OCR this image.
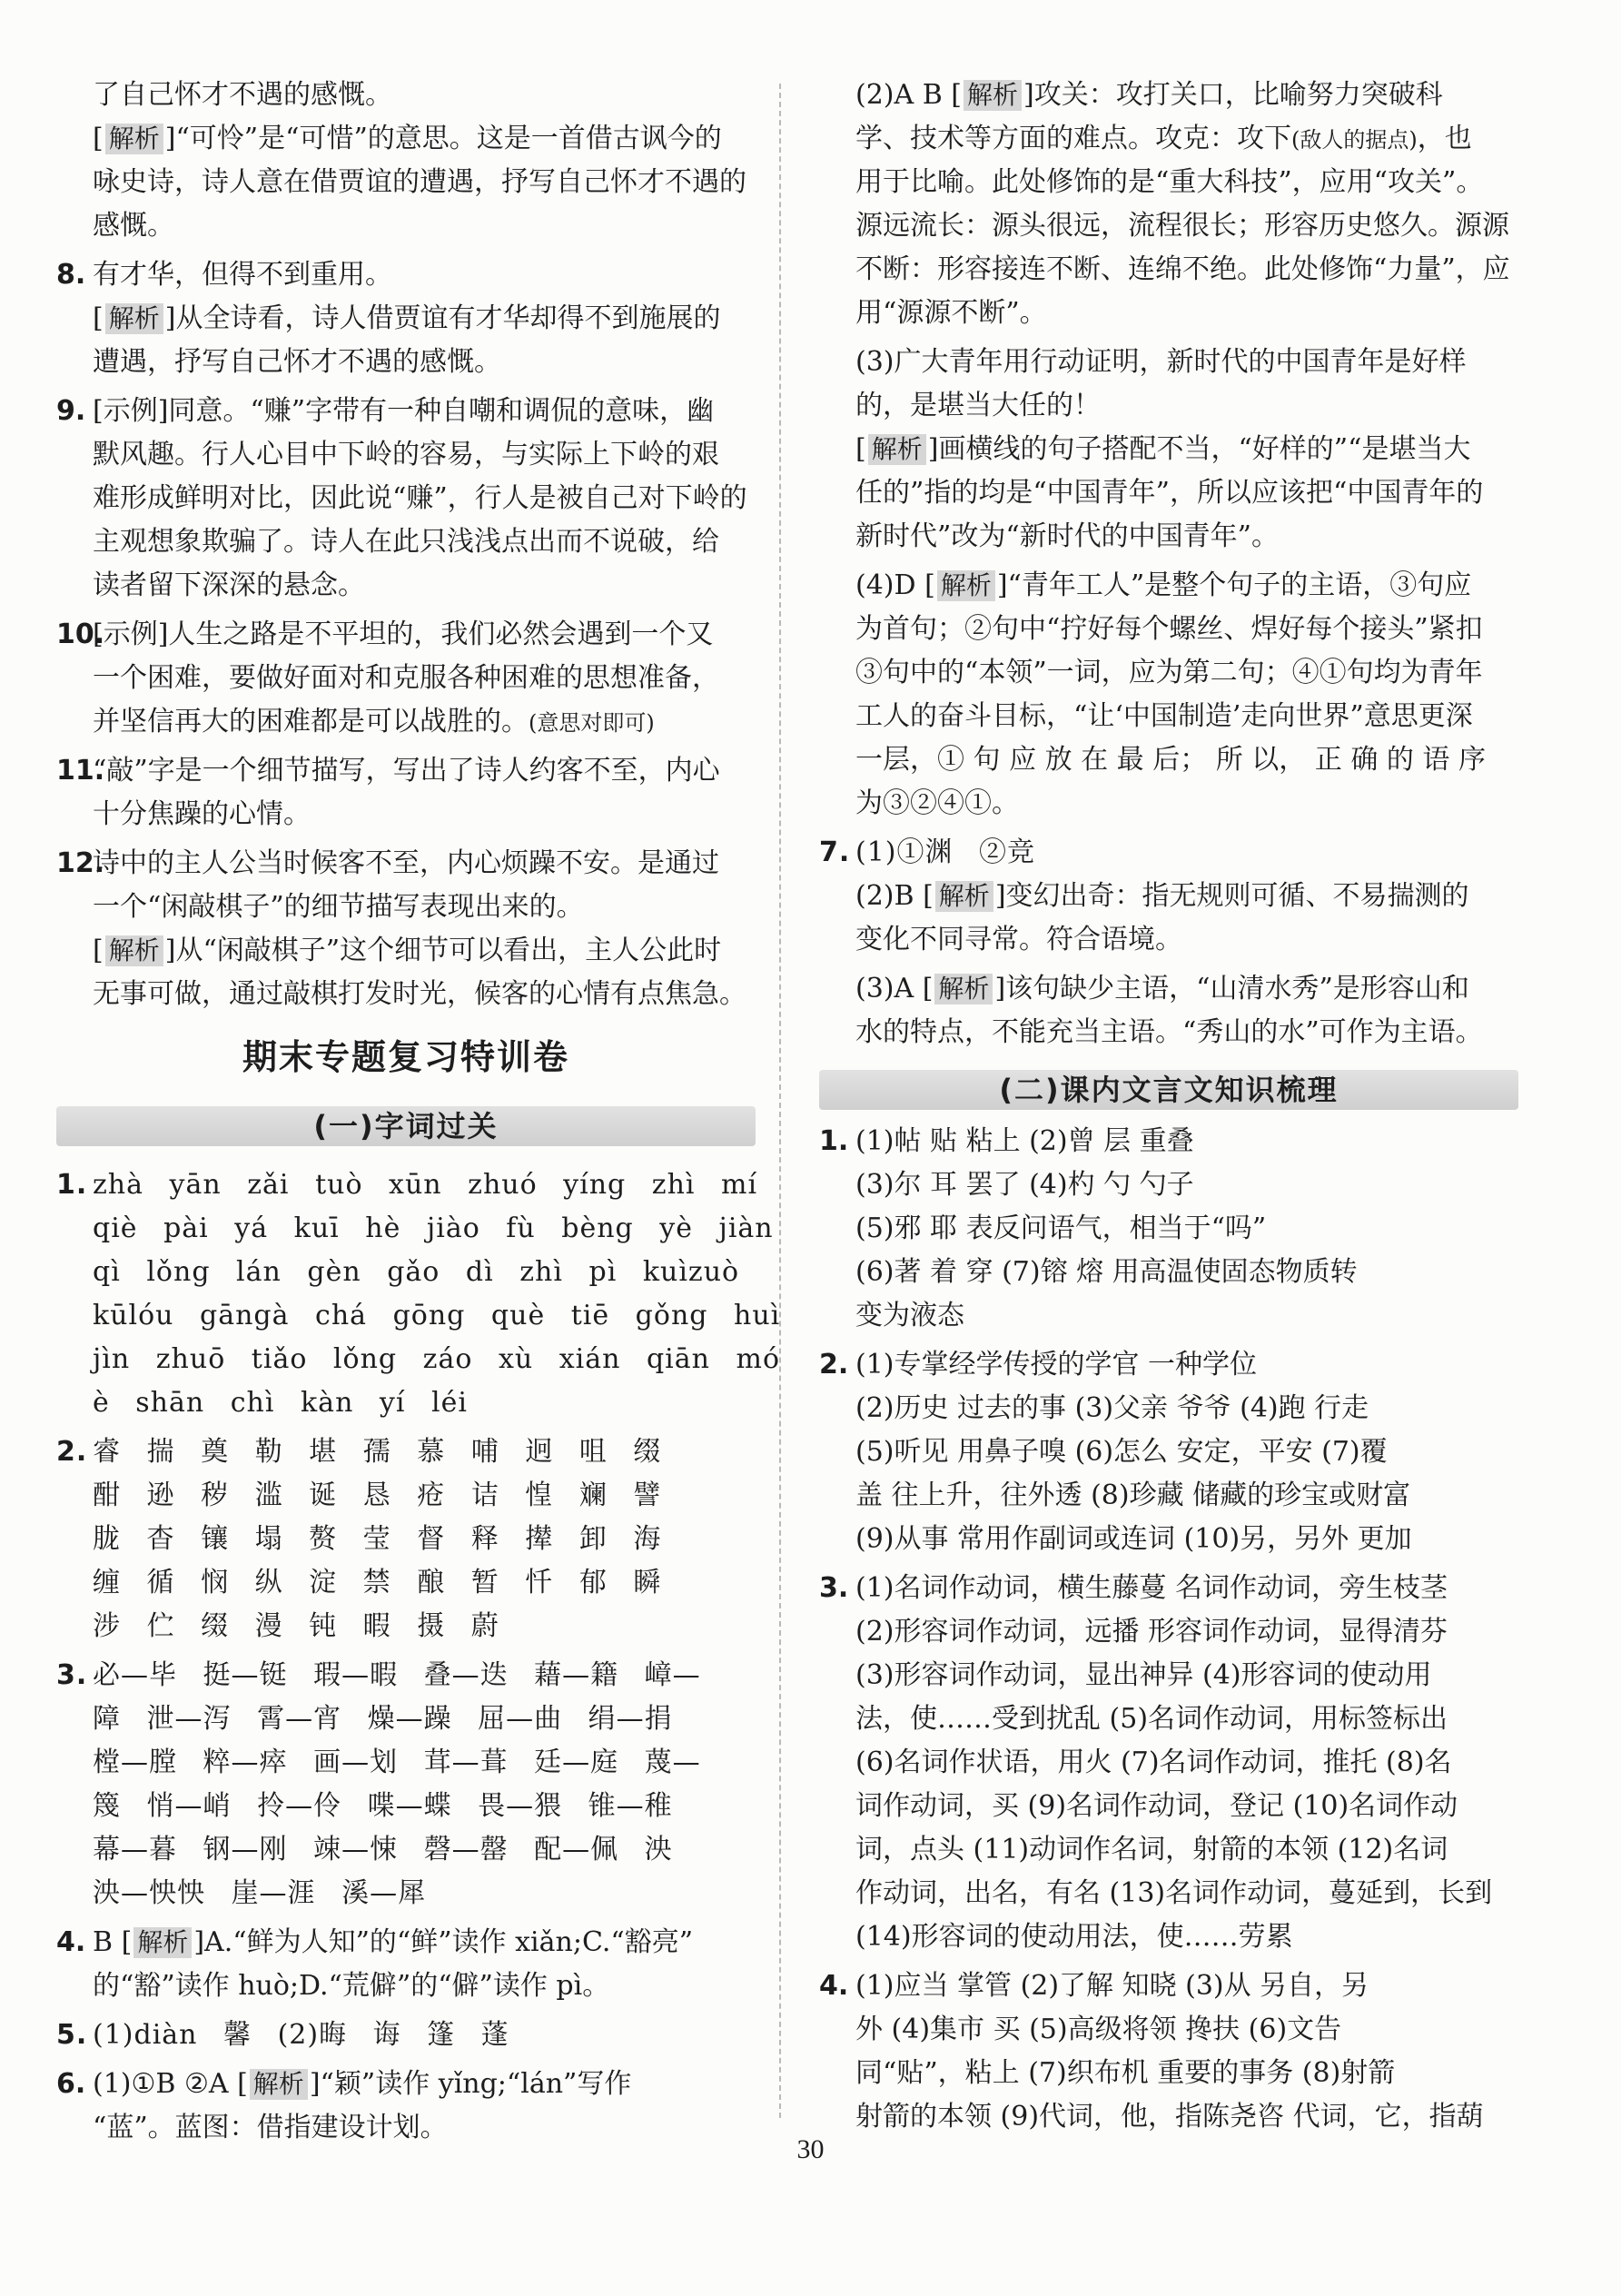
了自己怀才不遇的感慨。
[ 解析 ]“可怜”是“可惜”的意思。这是一首借古讽今的
咏史诗，诗人意在借贾谊的遭遇，抒写自己怀才不遇的
感慨。
8. 有才华，但得不到重用。
[ 解析 ]从全诗看，诗人借贾谊有才华却得不到施展的
遭遇，抒写自己怀才不遇的感慨。
9. [示例]同意。“赚”字带有一种自嘲和调侃的意味，幽
默风趣。行人心目中下岭的容易，与实际上下岭的艰
难形成鲜明对比，因此说“赚”，行人是被自己对下岭的
主观想象欺骗了。诗人在此只浅浅点出而不说破，给
读者留下深深的悬念。
10.[示例]人生之路是不平坦的，我们必然会遇到一个又
一个困难，要做好面对和克服各种困难的思想准备，
并坚信再大的困难都是可以战胜的。(意思对即可)
11.“敲”字是一个细节描写，写出了诗人约客不至，内心
十分焦躁的心情。
12.诗中的主人公当时候客不至，内心烦躁不安。是通过
一个“闲敲棋子”的细节描写表现出来的。
[ 解析 ]从“闲敲棋子”这个细节可以看出，主人公此时
无事可做，通过敲棋打发时光，候客的心情有点焦急。
期末专题复习特训卷
(一)字词过关
1. zhà yān zǎi tuò xūn zhuó yíng zhì mí
qiè pài yá kuī hè jiào fù bèng yè jiàn
qì lǒng lán gèn gǎo dì zhì pì kuìzuò
kūlóu gāngà chá gōng què tiē gǒng huì
jìn zhuō tiǎo lǒng záo xù xián qiān mó
è shān chì kàn yí léi
2. 睿 揣 奠 勒 堪 孺 慕 哺 迥 咀 缀
酣 逊 秽 滥 诞 恳 疮 诘 惶 斓 譬
胧 杳 镶 塌 赘 莹 督 释 撵 卸 海
缠 循 悯 纵 淀 禁 酿 暂 忏 郁 瞬
涉 伫 缀 漫 钝 暇 摄 蔚
3. 必—毕 挺—铤 瑕—暇 叠—迭 藉—籍 嶂—
障 泄—泻 霄—宵 燥—躁 屈—曲 绢—捐
樘—膛 粹—瘁 画—划 茸—葺 廷—庭 蔑—
篾 悄—峭 拎—伶 喋—蝶 畏—猥 锥—稚
幕—暮 钢—刚 竦—悚 磬—罄 配—佩 泱
泱—怏怏 崖—涯 溪—犀
4. B [ 解析 ]A.“鲜为人知”的“鲜”读作 xiǎn;C.“豁亮”
的“豁”读作 huò;D.“荒僻”的“僻”读作 pì。
5. (1)diàn 馨 (2)晦 诲 篷 蓬
6. (1)①B ②A [ 解析 ]“颖”读作 yǐng;“lán”写作
“蓝”。蓝图：借指建设计划。
(2)A B [ 解析 ]攻关：攻打关口，比喻努力突破科
学、技术等方面的难点。攻克：攻下(敌人的据点)，也
用于比喻。此处修饰的是“重大科技”，应用“攻关”。
源远流长：源头很远，流程很长；形容历史悠久。源源
不断：形容接连不断、连绵不绝。此处修饰“力量”，应
用“源源不断”。
(3)广大青年用行动证明，新时代的中国青年是好样
的，是堪当大任的！
[ 解析 ]画横线的句子搭配不当，“好样的”“是堪当大
任的”指的均是“中国青年”，所以应该把“中国青年的
新时代”改为“新时代的中国青年”。
(4)D [ 解析 ]“青年工人”是整个句子的主语，③句应
为首句；②句中“拧好每个螺丝、焊好每个接头”紧扣
③句中的“本领”一词，应为第二句；④①句均为青年
工人的奋斗目标，“让‘中国制造’走向世界”意思更深
一层，① 句 应 放 在 最 后； 所 以， 正 确 的 语 序
为③②④①。
7. (1)①渊 ②竞
(2)B [ 解析 ]变幻出奇：指无规则可循、不易揣测的
变化不同寻常。符合语境。
(3)A [ 解析 ]该句缺少主语，“山清水秀”是形容山和
水的特点，不能充当主语。“秀山的水”可作为主语。
(二)课内文言文知识梳理
1. (1)帖 贴 粘上 (2)曾 层 重叠
(3)尔 耳 罢了 (4)杓 勺 勺子
(5)邪 耶 表反问语气，相当于“吗”
(6)著 着 穿 (7)镕 熔 用高温使固态物质转
变为液态
2. (1)专掌经学传授的学官 一种学位
(2)历史 过去的事 (3)父亲 爷爷 (4)跑 行走
(5)听见 用鼻子嗅 (6)怎么 安定，平安 (7)覆
盖 往上升，往外透 (8)珍藏 储藏的珍宝或财富
(9)从事 常用作副词或连词 (10)另，另外 更加
3. (1)名词作动词，横生藤蔓 名词作动词，旁生枝茎
(2)形容词作动词，远播 形容词作动词，显得清芬
(3)形容词作动词，显出神异 (4)形容词的使动用
法，使……受到扰乱 (5)名词作动词，用标签标出
(6)名词作状语，用火 (7)名词作动词，推托 (8)名
词作动词，买 (9)名词作动词，登记 (10)名词作动
词，点头 (11)动词作名词，射箭的本领 (12)名词
作动词，出名，有名 (13)名词作动词，蔓延到，长到
(14)形容词的使动用法，使……劳累
4. (1)应当 掌管 (2)了解 知晓 (3)从 另自，另
外 (4)集市 买 (5)高级将领 搀扶 (6)文告
同“贴”，粘上 (7)织布机 重要的事务 (8)射箭
射箭的本领 (9)代词，他，指陈尧咨 代词，它，指葫
30
